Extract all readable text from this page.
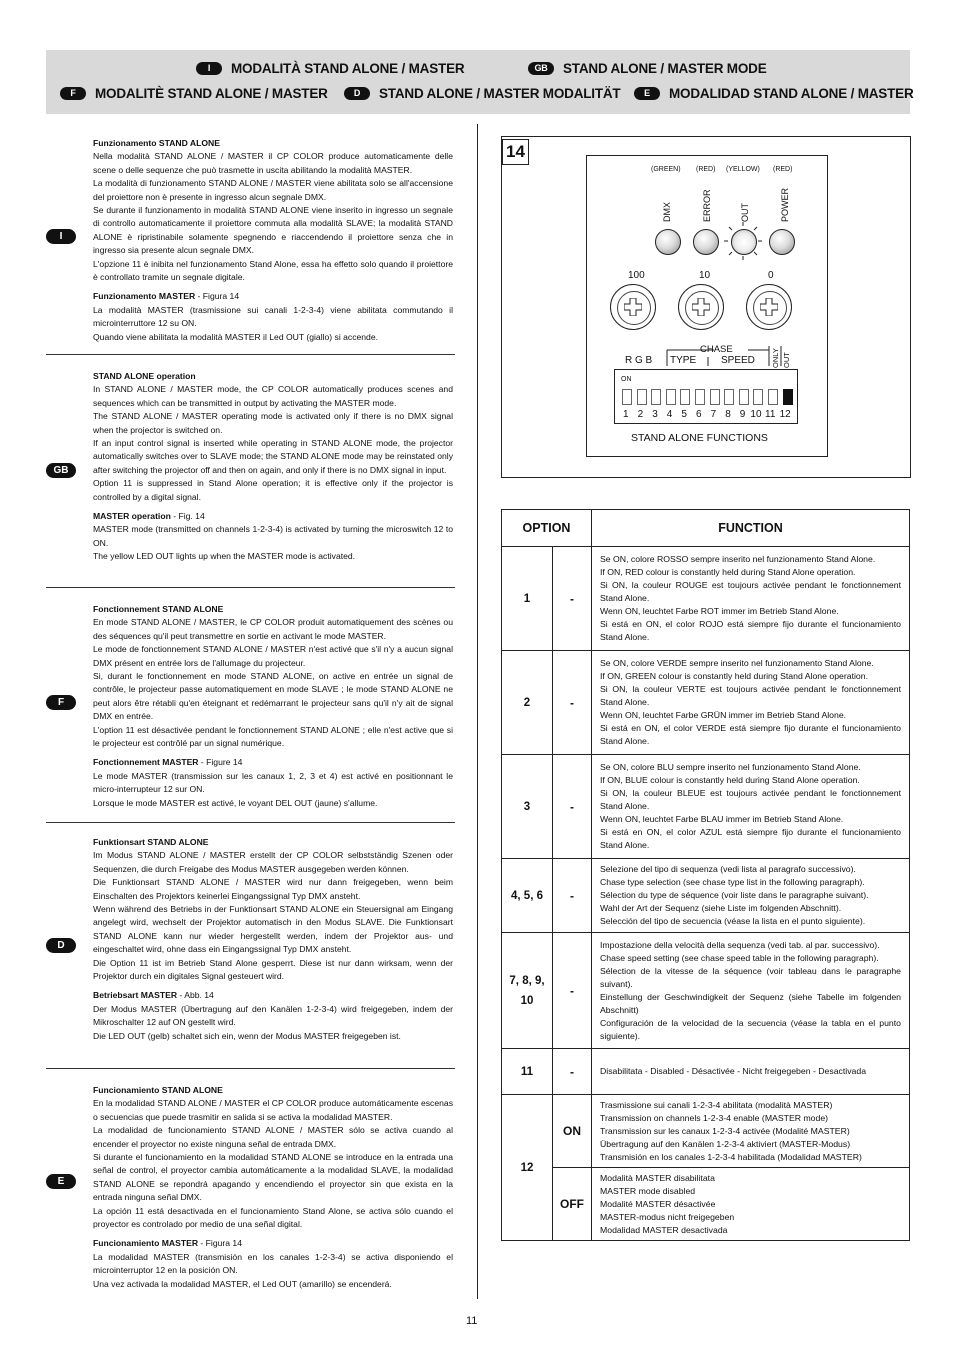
I	MODALITÀ STAND ALONE / MASTER	GB	STAND ALONE / MASTER MODE
F	MODALITÈ STAND ALONE / MASTER	D	STAND ALONE / MASTER MODALITÄT	E	MODALIDAD STAND ALONE / MASTER

Funzionamento STAND ALONE

Nella modalità STAND ALONE / MASTER il CP COLOR produce automaticamente delle scene o delle sequenze che può trasmette in uscita abilitando la modalità MASTER.

La modalità di funzionamento STAND ALONE / MASTER viene abilitata solo se all'accensione del proiettore non è presente in ingresso alcun segnale DMX.

Se durante il funzionamento in modalità STAND ALONE viene inserito in ingresso un segnale di controllo automaticamente il proiettore commuta alla modalità SLAVE; la modalità STAND ALONE è ripristinabile solamente spegnendo e riaccendendo il proiettore senza che in ingresso sia presente alcun segnale DMX.

L'opzione 11 è inibita nel funzionamento Stand Alone, essa ha effetto solo quando il proiettore è controllato tramite un segnale digitale.

Funzionamento MASTER - Figura 14

La modalità MASTER (trasmissione sui canali 1-2-3-4) viene abilitata commutando il microinterruttore 12 su ON.

Quando viene abilitata la modalità MASTER il Led OUT (giallo) si accende.

I

STAND ALONE operation

In STAND ALONE / MASTER mode, the CP COLOR automatically produces scenes and sequences which can be transmitted in output by activating the MASTER mode.

The STAND ALONE / MASTER operating mode is activated only if there is no DMX signal when the projector is switched on.

If an input control signal is inserted while operating in STAND ALONE mode, the projector automatically switches over to SLAVE mode; the STAND ALONE mode may be reinstated only after switching the projector off and then on again, and only if there is no DMX signal in input.

Option 11 is suppressed in Stand Alone operation; it is effective only if the projector is controlled by a digital signal.

MASTER operation - Fig. 14

MASTER mode (transmitted on channels 1-2-3-4) is activated by turning the microswitch 12 to ON.

The yellow LED OUT lights up when the MASTER mode is activated.

GB

Fonctionnement STAND ALONE

En mode STAND ALONE / MASTER, le CP COLOR produit automatiquement des scènes ou des séquences qu'il peut transmettre en sortie en activant le mode MASTER.

Le mode de fonctionnement STAND ALONE / MASTER n'est activé que s'il n'y a aucun signal DMX présent en entrée lors de l'allumage du projecteur.

Si, durant le fonctionnement en mode STAND ALONE, on active en entrée un signal de contrôle, le projecteur passe automatiquement en mode SLAVE ; le mode STAND ALONE ne peut alors être rétabli qu'en éteignant et redémarrant le projecteur sans qu'il n'y ait de signal DMX en entrée.

L'option 11 est désactivée pendant le fonctionnement STAND ALONE ; elle n'est active que si le projecteur est contrôlé par un signal numérique.

Fonctionnement MASTER - Figure 14

Le mode MASTER (transmission sur les canaux 1, 2, 3 et 4) est activé en positionnant le micro-interrupteur 12 sur ON.

Lorsque le mode MASTER est activé, le voyant DEL OUT (jaune) s'allume.

F

Funktionsart STAND ALONE

Im Modus STAND ALONE / MASTER erstellt der CP COLOR selbstständig Szenen oder Sequenzen, die durch Freigabe des Modus MASTER ausgegeben werden können.

Die Funktionsart STAND ALONE / MASTER wird nur dann freigegeben, wenn beim Einschalten des Projektors keinerlei Eingangssignal Typ DMX ansteht.

Wenn während des Betriebs in der Funktionsart STAND ALONE ein Steuersignal am Eingang angelegt wird, wechselt der Projektor automatisch in den Modus SLAVE. Die Funktionsart STAND ALONE kann nur wieder hergestellt werden, indem der Projektor aus- und eingeschaltet wird, ohne dass ein Eingangssignal Typ DMX ansteht.

Die Option 11 ist im Betrieb Stand Alone gesperrt. Diese ist nur dann wirksam, wenn der Projektor durch ein digitales Signal gesteuert wird.

Betriebsart MASTER - Abb. 14

Der Modus MASTER (Übertragung auf den Kanälen 1-2-3-4) wird freigegeben, indem der Mikroschalter 12 auf ON gestellt wird.

Die LED OUT (gelb) schaltet sich ein, wenn der Modus MASTER freigegeben ist.

D

Funcionamiento STAND ALONE

En la modalidad STAND ALONE / MASTER el CP COLOR produce automáticamente escenas o secuencias que puede trasmitir en salida si se activa la modalidad MASTER.

La modalidad de funcionamiento STAND ALONE / MASTER sólo se activa cuando al encender el proyector no existe ninguna señal de entrada DMX.

Si durante el funcionamiento en la modalidad STAND ALONE se introduce en la entrada una señal de control, el proyector cambia automáticamente a la modalidad SLAVE, la modalidad STAND ALONE se repondrá apagando y encendiendo el proyector sin que exista en la entrada ninguna señal DMX.

La opción 11 está desactivada en el funcionamiento Stand Alone, se activa sólo cuando el proyector es controlado por medio de una señal digital.

Funcionamiento MASTER - Figura 14

La modalidad MASTER (transmisión en los canales 1-2-3-4) se activa disponiendo el microinterruptor 12 en la posición ON.

Una vez activada la modalidad MASTER, el Led OUT (amarillo) se encenderá.

E
14
(GREEN) (RED) (YELLOW) (RED)
DMX	ERROR	OUT	POWER
100	10	0
CHASE
R G B TYPE SPEED ONLY OUT
ON
1 2 3 4 5 6 7 8 9 10 11 12
STAND ALONE FUNCTIONS
OPTION		FUNCTION
1	-	Se ON, colore ROSSO sempre inserito nel funzionamento Stand Alone.
If ON, RED colour is constantly held during Stand Alone operation.
Si ON, la couleur ROUGE est toujours activée pendant le fonctionnement Stand Alone.
Wenn ON, leuchtet Farbe ROT immer im Betrieb Stand Alone.
Si está en ON, el color ROJO está siempre fijo durante el funcionamiento Stand Alone.

2	-	Se ON, colore VERDE sempre inserito nel funzionamento Stand Alone.
If ON, GREEN colour is constantly held during Stand Alone operation.
Si ON, la couleur VERTE est toujours activée pendant le fonctionnement Stand Alone.
Wenn ON, leuchtet Farbe GRÜN immer im Betrieb Stand Alone.
Si está en ON, el color VERDE está siempre fijo durante el funcionamiento Stand Alone.

3	-	Se ON, colore BLU sempre inserito nel funzionamento Stand Alone.
If ON, BLUE colour is constantly held during Stand Alone operation.
Si ON, la couleur BLEUE est toujours activée pendant le fonctionnement Stand Alone.
Wenn ON, leuchtet Farbe BLAU immer im Betrieb Stand Alone.
Si está en ON, el color AZUL está siempre fijo durante el funcionamiento Stand Alone.

4, 5, 6	-	Selezione del tipo di sequenza (vedi lista al paragrafo successivo).
Chase type selection (see chase type list in the following paragraph).
Sélection du type de séquence (voir liste dans le paragraphe suivant).
Wahl der Art der Sequenz (siehe Liste im folgenden Abschnitt).
Selección del tipo de secuencia (véase la lista en el punto siguiente).

7, 8, 9, 10	-	Impostazione della velocità della sequenza (vedi tab. al par. successivo).
Chase speed setting (see chase speed table in the following paragraph).
Sélection de la vitesse de la séquence (voir tableau dans le paragraphe suivant).
Einstellung der Geschwindigkeit der Sequenz (siehe Tabelle im folgenden Abschnitt)
Configuración de la velocidad de la secuencia (véase la tabla en el punto siguiente).

11	-	Disabilitata - Disabled - Désactivée - Nicht freigegeben - Desactivada

12	ON	Trasmissione sui canali 1-2-3-4 abilitata (modalità MASTER)
Transmission on channels 1-2-3-4 enable (MASTER mode)
Transmission sur les canaux 1-2-3-4 activée (Modalité MASTER)
Übertragung auf den Kanälen 1-2-3-4 aktiviert (MASTER-Modus)
Transmisión en los canales 1-2-3-4 habilitada (Modalidad MASTER)

	OFF	Modalità MASTER disabilitata
MASTER mode disabled
Modalité MASTER désactivée
MASTER-modus nicht freigegeben
Modalidad MASTER desactivada
11
